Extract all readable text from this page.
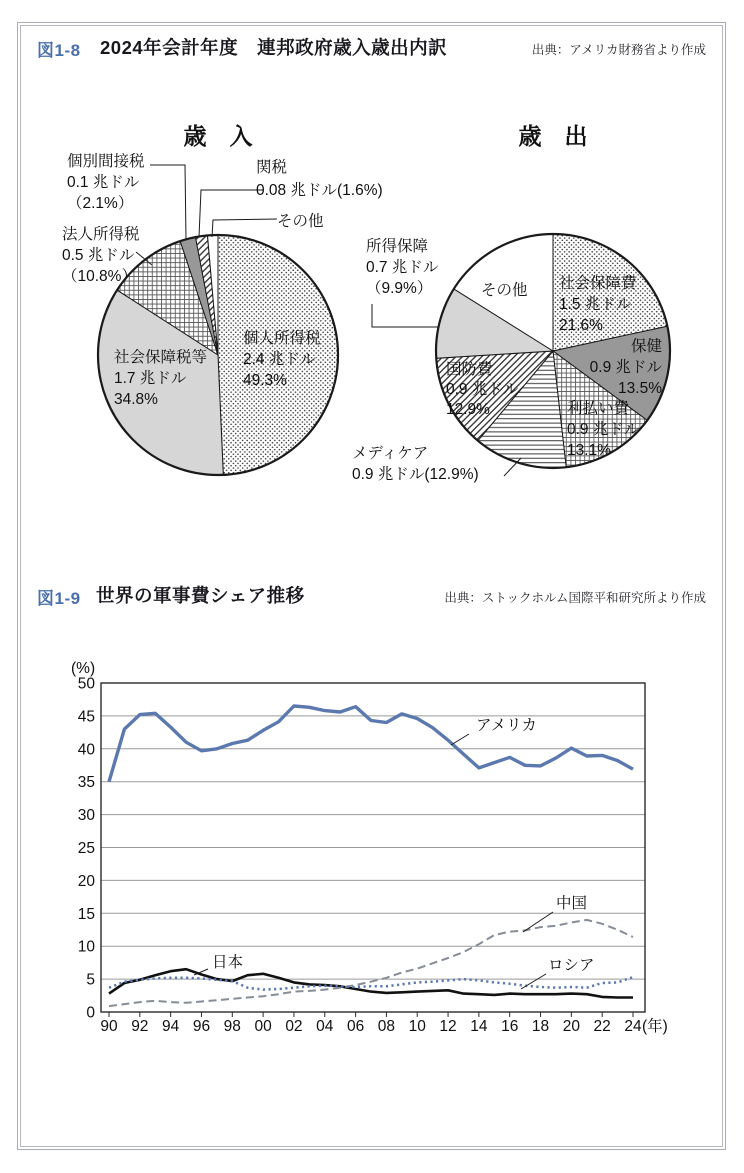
0
5
10
15
20
25
30
35
40
45
50
(%)
90 92 94 96 98 00 02 04 06 08 10 12 14 16 18 20 22 24 (年)
アメリカ
日本
中国
ロシア
図1-8 2024年会計年度　連邦政府歳入歳出内訳	出典：アメリカ財務省より作成
歳　入	歳　出
個別間接税
0.1 兆ドル
（2.1%）
関税
0.08 兆ドル(1.6%)
その他
法人所得税
0.5 兆ドル
（10.8%）
社会保障税等
1.7 兆ドル
34.8%
個人所得税
2.4 兆ドル
49.3%
所得保障
0.7 兆ドル
（9.9%）	その他 社会保障費
1.5 兆ドル
21.6%
保健
0.9 兆ドル
13.5%
利払い費
0.9 兆ドル
13.1%
国防費
0.9 兆ドル
12.9%
メディケア
0.9 兆ドル(12.9%)
図1-9 世界の軍事費シェア推移	出典：ストックホルム国際平和研究所より作成
